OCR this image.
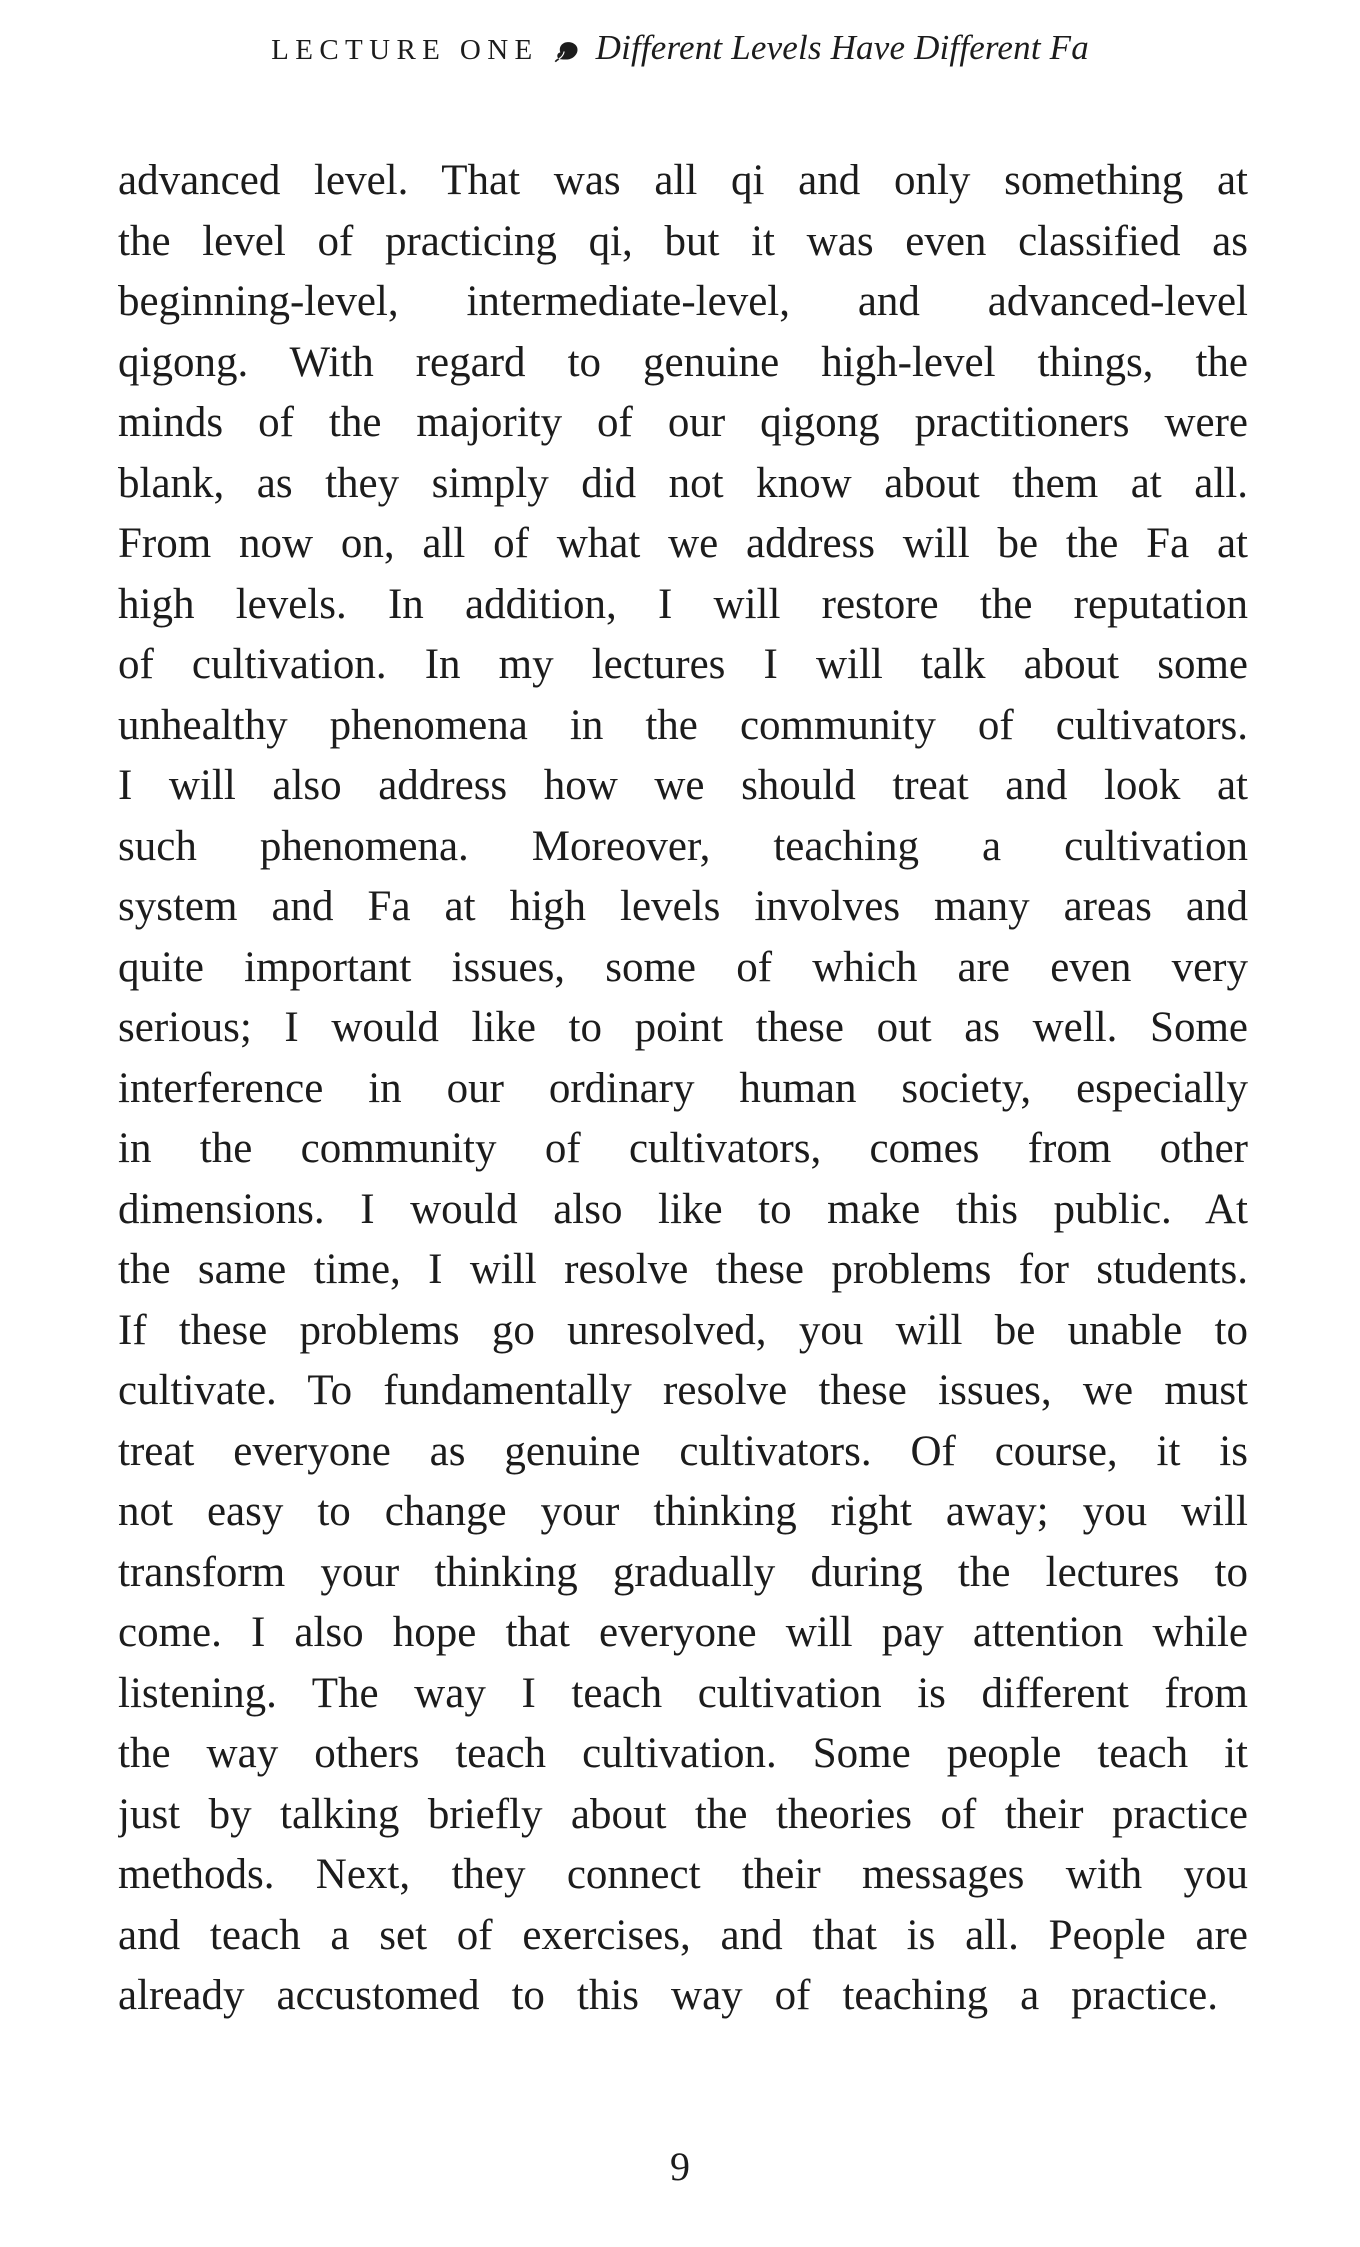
LECTURE ONE Different Levels Have Different Fa
advanced level. That was all qi and only something at
the level of practicing qi, but it was even classified as
beginning-level, intermediate-level, and advanced-level
qigong. With regard to genuine high-level things, the
minds of the majority of our qigong practitioners were
blank, as they simply did not know about them at all.
From now on, all of what we address will be the Fa at
high levels. In addition, I will restore the reputation
of cultivation. In my lectures I will talk about some
unhealthy phenomena in the community of cultivators.
I will also address how we should treat and look at
such phenomena. Moreover, teaching a cultivation
system and Fa at high levels involves many areas and
quite important issues, some of which are even very
serious; I would like to point these out as well. Some
interference in our ordinary human society, especially
in the community of cultivators, comes from other
dimensions. I would also like to make this public. At
the same time, I will resolve these problems for students.
If these problems go unresolved, you will be unable to
cultivate. To fundamentally resolve these issues, we must
treat everyone as genuine cultivators. Of course, it is
not easy to change your thinking right away; you will
transform your thinking gradually during the lectures to
come. I also hope that everyone will pay attention while
listening. The way I teach cultivation is different from
the way others teach cultivation. Some people teach it
just by talking briefly about the theories of their practice
methods. Next, they connect their messages with you
and teach a set of exercises, and that is all. People are
already accustomed to this way of teaching a practice.
9
